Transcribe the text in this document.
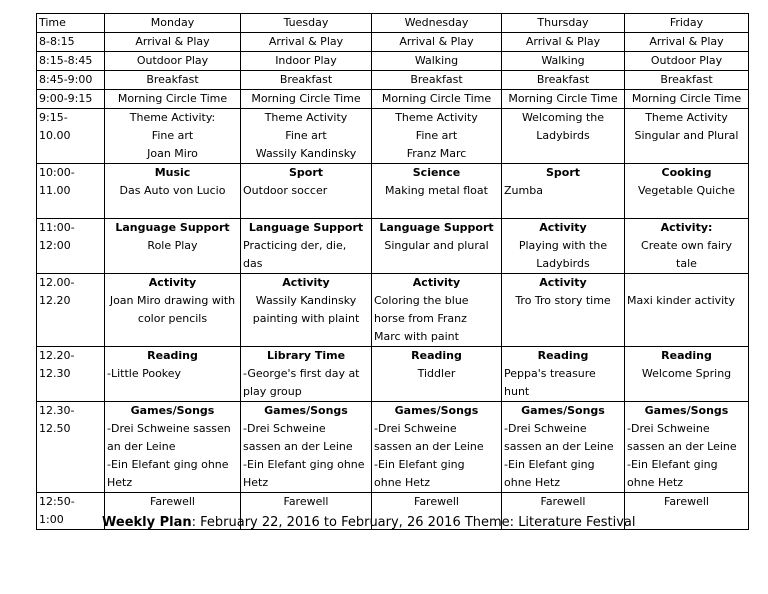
Time	Monday	Tuesday	Wednesday	Thursday	Friday

8-8:15	Arrival & Play	Arrival & Play	Arrival & Play	Arrival & Play	Arrival & Play

8:15-8:45	Outdoor Play	Indoor Play	Walking	Walking	Outdoor Play

8:45-9:00	Breakfast	Breakfast	Breakfast	Breakfast	Breakfast

9:00-9:15	Morning Circle Time	Morning Circle Time	Morning Circle Time	Morning Circle Time	Morning Circle Time

9:15-
10.00	Theme Activity:
Fine art
Joan Miro	Theme Activity
Fine art
Wassily Kandinsky	Theme Activity
Fine art
Franz Marc	Welcoming the
Ladybirds	Theme Activity
Singular and Plural

10:00-
11.00	Music
Das Auto von Lucio	Sport
Outdoor soccer	Science
Making metal float	Sport
Zumba	Cooking
Vegetable Quiche

11:00-
12:00	Language Support
Role Play	Language Support
Practicing der, die,
das	Language Support
Singular and plural	Activity
Playing with the
Ladybirds	Activity:
Create own fairy
tale

12.00-
12.20	Activity
Joan Miro drawing with
color pencils	Activity
Wassily Kandinsky
painting with plaint	Activity
Coloring the blue
horse from Franz
Marc with paint	Activity
Tro Tro story time	Maxi kinder activity

12.20-
12.30	Reading
-Little Pookey	Library Time
-George's first day at
play group	Reading
Tiddler	Reading
Peppa's treasure
hunt	Reading
Welcome Spring

12.30-
12.50	Games/Songs
-Drei Schweine sassen
an der Leine
-Ein Elefant ging ohne
Hetz	Games/Songs
-Drei Schweine
sassen an der Leine
-Ein Elefant ging ohne
Hetz	Games/Songs
-Drei Schweine
sassen an der Leine
-Ein Elefant ging
ohne Hetz	Games/Songs
-Drei Schweine
sassen an der Leine
-Ein Elefant ging
ohne Hetz	Games/Songs
-Drei Schweine
sassen an der Leine
-Ein Elefant ging
ohne Hetz

12:50-
1:00	Farewell	Farewell	Farewell	Farewell	Farewell
Weekly Plan: February 22, 2016 to February, 26 2016 Theme: Literature Festival
